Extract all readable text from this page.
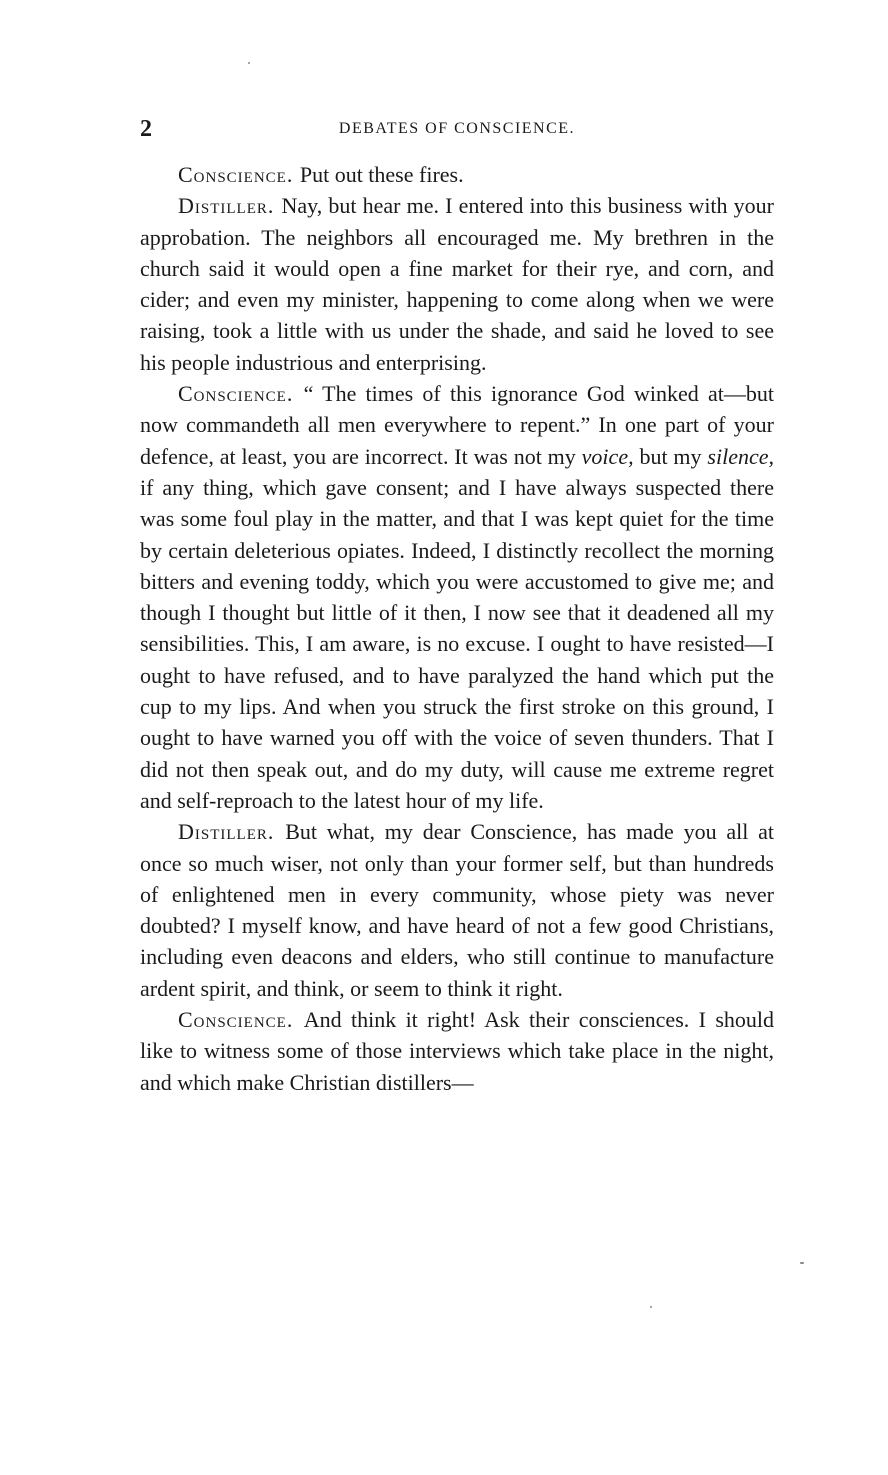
2	DEBATES OF CONSCIENCE.

Conscience. Put out these fires.

Distiller. Nay, but hear me. I entered into this business with your approbation. The neighbors all encouraged me. My brethren in the church said it would open a fine market for their rye, and corn, and cider; and even my minister, happening to come along when we were raising, took a little with us under the shade, and said he loved to see his people industrious and enterprising.

Conscience. “ The times of this ignorance God winked at—but now commandeth all men everywhere to repent.” In one part of your defence, at least, you are incorrect. It was not my voice, but my silence, if any thing, which gave consent; and I have always suspected there was some foul play in the matter, and that I was kept quiet for the time by certain deleterious opiates. Indeed, I distinctly recollect the morning bitters and evening toddy, which you were accustomed to give me; and though I thought but little of it then, I now see that it deadened all my sensibilities. This, I am aware, is no excuse. I ought to have resisted—I ought to have refused, and to have paralyzed the hand which put the cup to my lips. And when you struck the first stroke on this ground, I ought to have warned you off with the voice of seven thunders. That I did not then speak out, and do my duty, will cause me extreme regret and self-reproach to the latest hour of my life.

Distiller. But what, my dear Conscience, has made you all at once so much wiser, not only than your former self, but than hundreds of enlightened men in every community, whose piety was never doubted? I myself know, and have heard of not a few good Christians, including even deacons and elders, who still continue to manufacture ardent spirit, and think, or seem to think it right.

Conscience. And think it right! Ask their consciences. I should like to witness some of those interviews which take place in the night, and which make Christian distillers—
